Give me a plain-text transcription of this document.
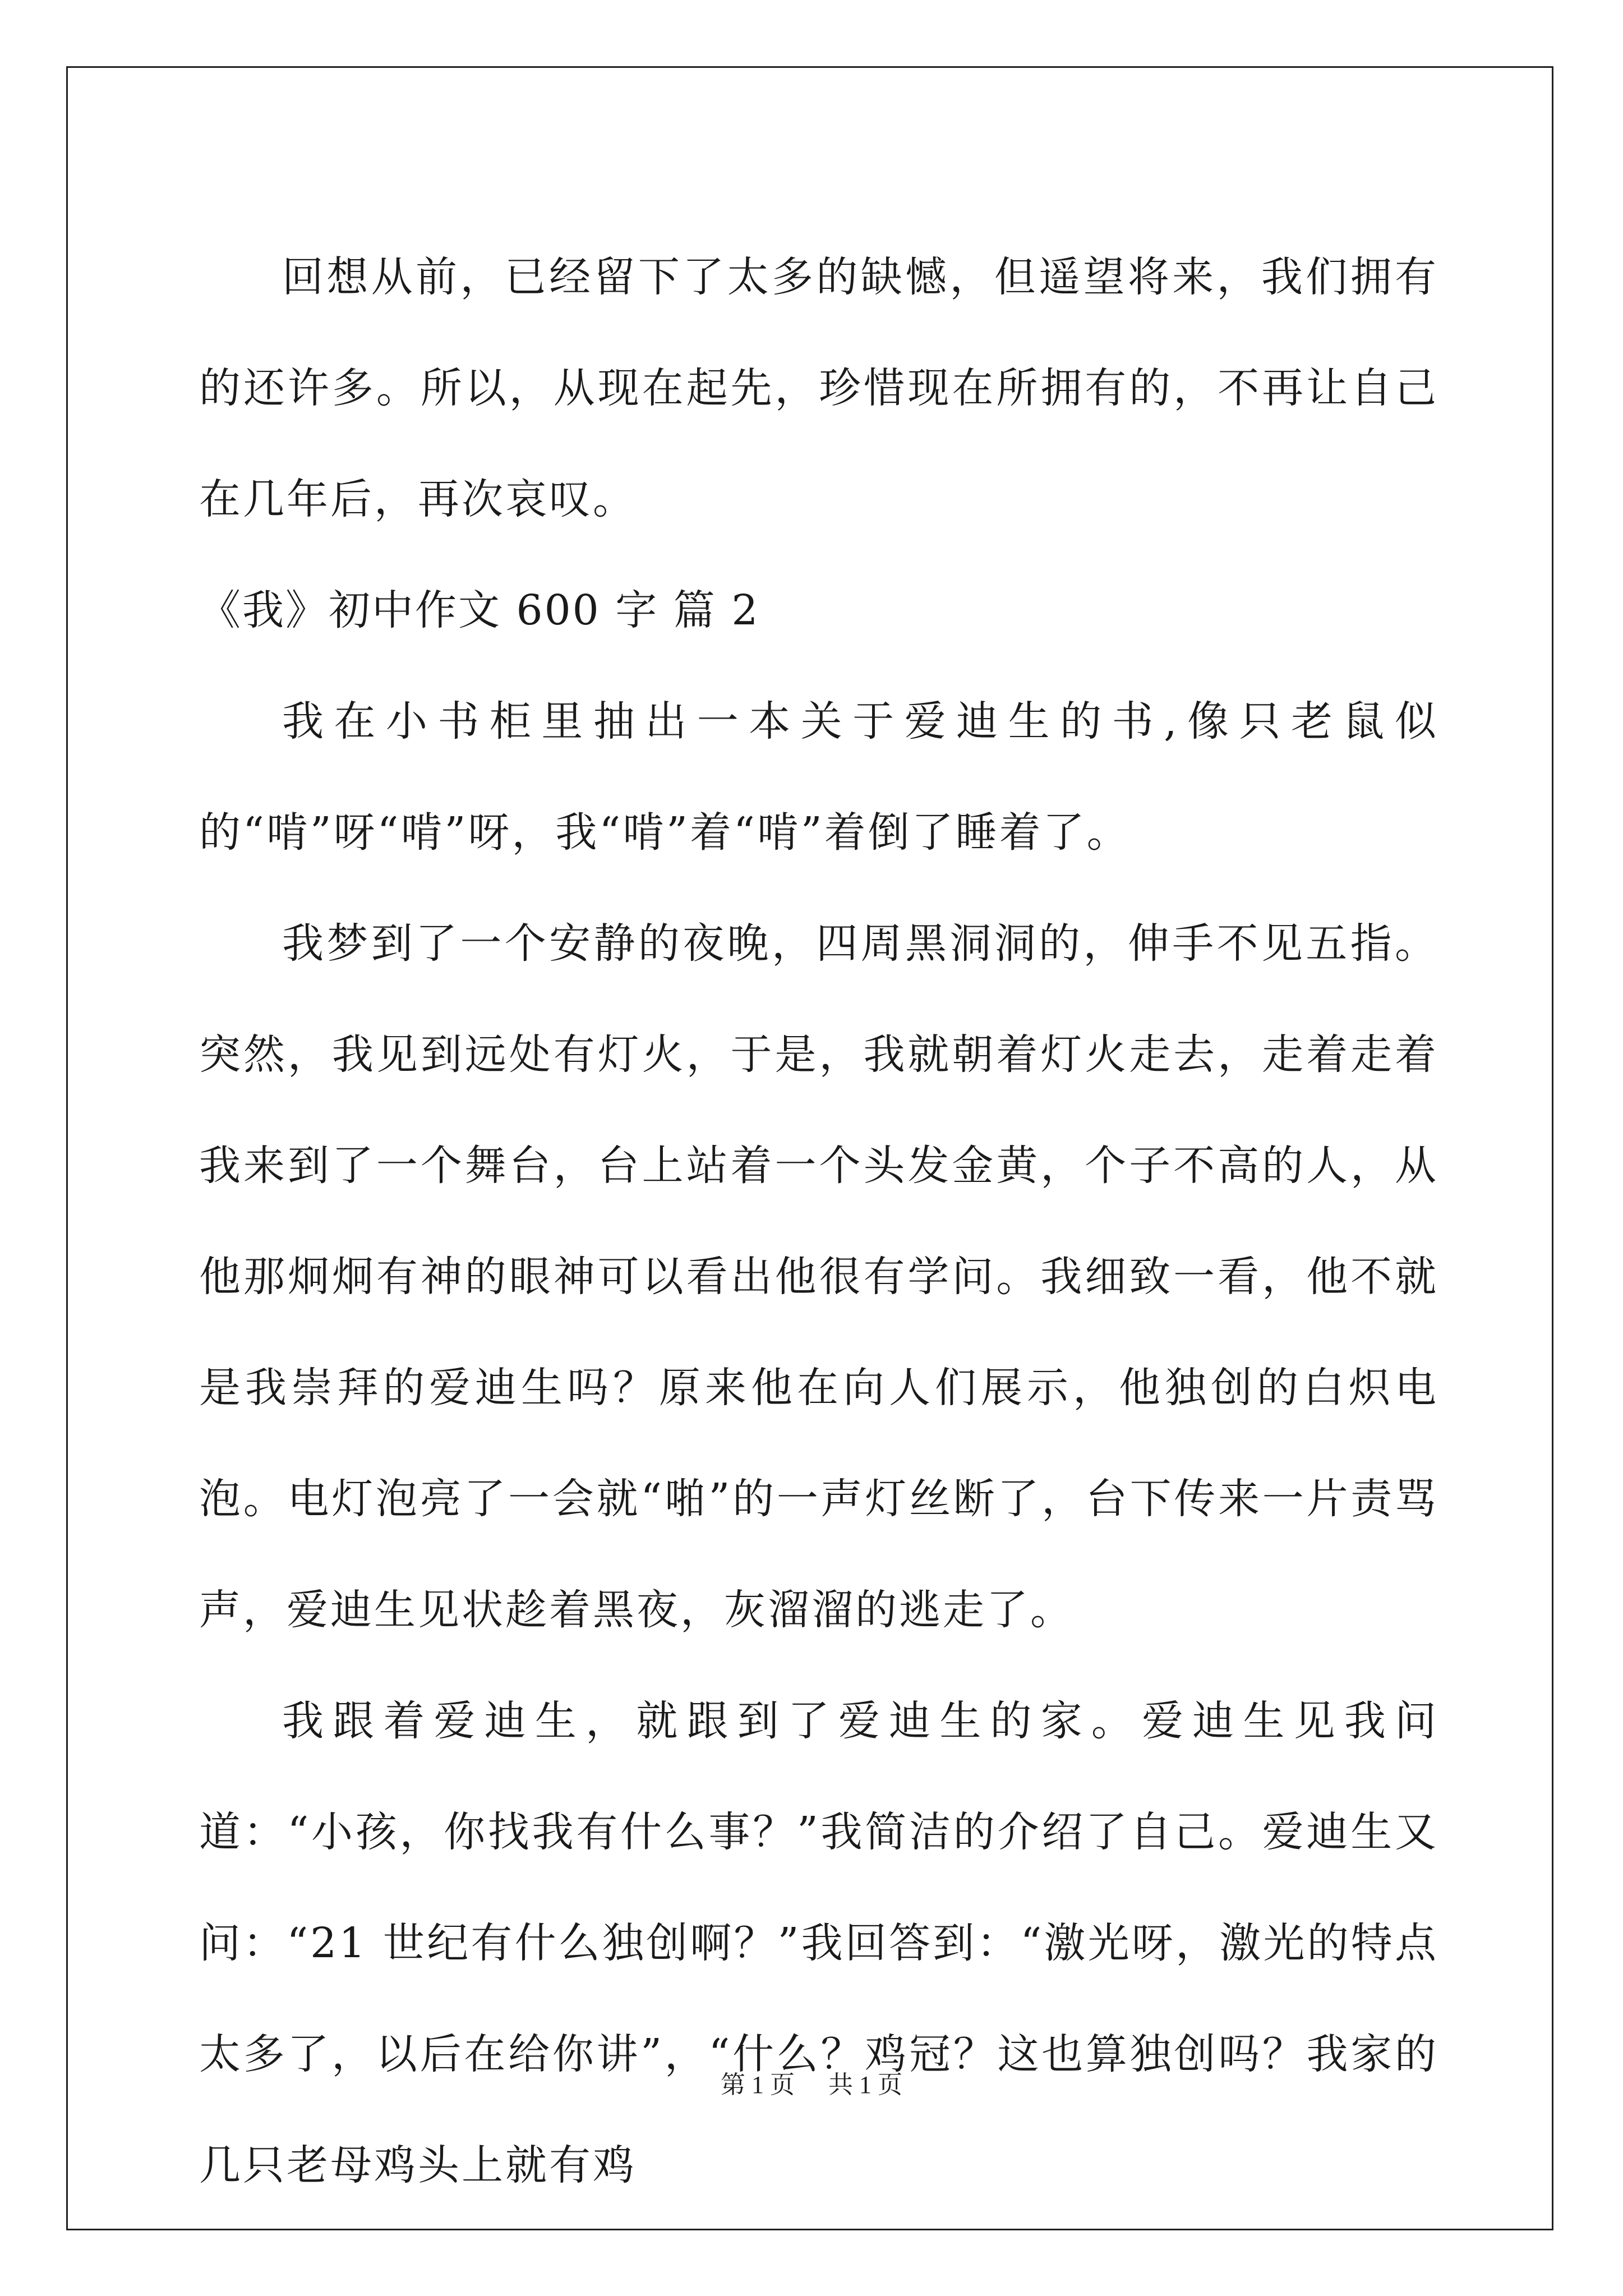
回想从前，已经留下了太多的缺憾，但遥望将来，我们拥有的还许多。所以，从现在起先，珍惜现在所拥有的，不再让自己在几年后，再次哀叹。

《我》初中作文 600 字 篇 2

我在小书柜里抽出一本关于爱迪生的书,像只老鼠似的“啃”呀“啃”呀，我“啃”着“啃”着倒了睡着了。

我梦到了一个安静的夜晚，四周黑洞洞的，伸手不见五指。突然，我见到远处有灯火，于是，我就朝着灯火走去，走着走着我来到了一个舞台，台上站着一个头发金黄，个子不高的人，从他那炯炯有神的眼神可以看出他很有学问。我细致一看，他不就是我崇拜的爱迪生吗？原来他在向人们展示，他独创的白炽电泡。电灯泡亮了一会就“啪”的一声灯丝断了，台下传来一片责骂声，爱迪生见状趁着黑夜，灰溜溜的逃走了。

我跟着爱迪生，就跟到了爱迪生的家。爱迪生见我问道：“小孩，你找我有什么事？”我简洁的介绍了自己。爱迪生又问：“21 世纪有什么独创啊？”我回答到：“激光呀，激光的特点太多了，以后在给你讲”，“什么？鸡冠？这也算独创吗？我家的几只老母鸡头上就有鸡

第 1 页 共 1 页
